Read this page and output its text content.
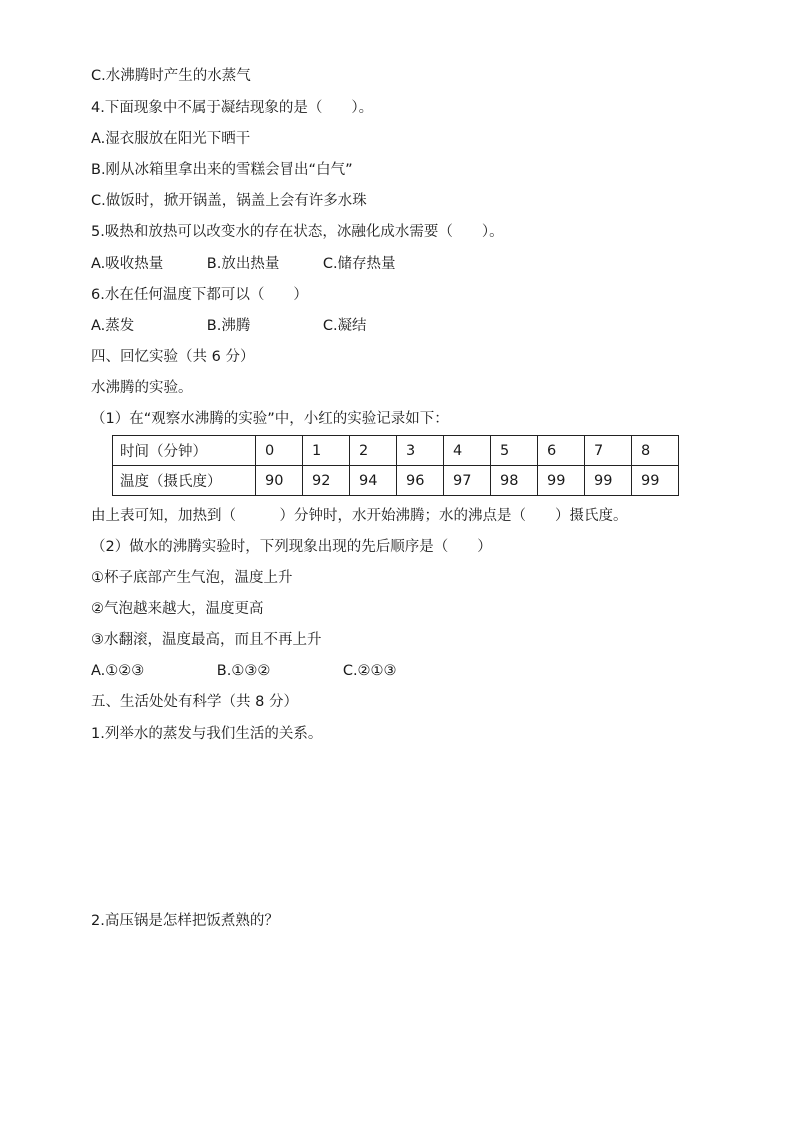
C.水沸腾时产生的水蒸气
4.下面现象中不属于凝结现象的是（　　）。
A.湿衣服放在阳光下晒干
B.刚从冰箱里拿出来的雪糕会冒出“白气”
C.做饭时，掀开锅盖，锅盖上会有许多水珠
5.吸热和放热可以改变水的存在状态，冰融化成水需要（　　）。
A.吸收热量　　　B.放出热量　　　C.储存热量
6.水在任何温度下都可以（　　）
A.蒸发　　　　　B.沸腾　　　　　C.凝结
四、回忆实验（共 6 分）
水沸腾的实验。
（1）在“观察水沸腾的实验”中，小红的实验记录如下：
时间（分钟）	0	1	2	3	4	5	6	7	8
温度（摄氏度）	90	92	94	96	97	98	99	99	99
由上表可知，加热到（　　　）分钟时，水开始沸腾；水的沸点是（　　）摄氏度。
（2）做水的沸腾实验时，下列现象出现的先后顺序是（　　）
①杯子底部产生气泡，温度上升
②气泡越来越大，温度更高
③水翻滚，温度最高，而且不再上升
A.①②③　　　　　B.①③②　　　　　C.②①③
五、生活处处有科学（共 8 分）
1.列举水的蒸发与我们生活的关系。
2.高压锅是怎样把饭煮熟的？
